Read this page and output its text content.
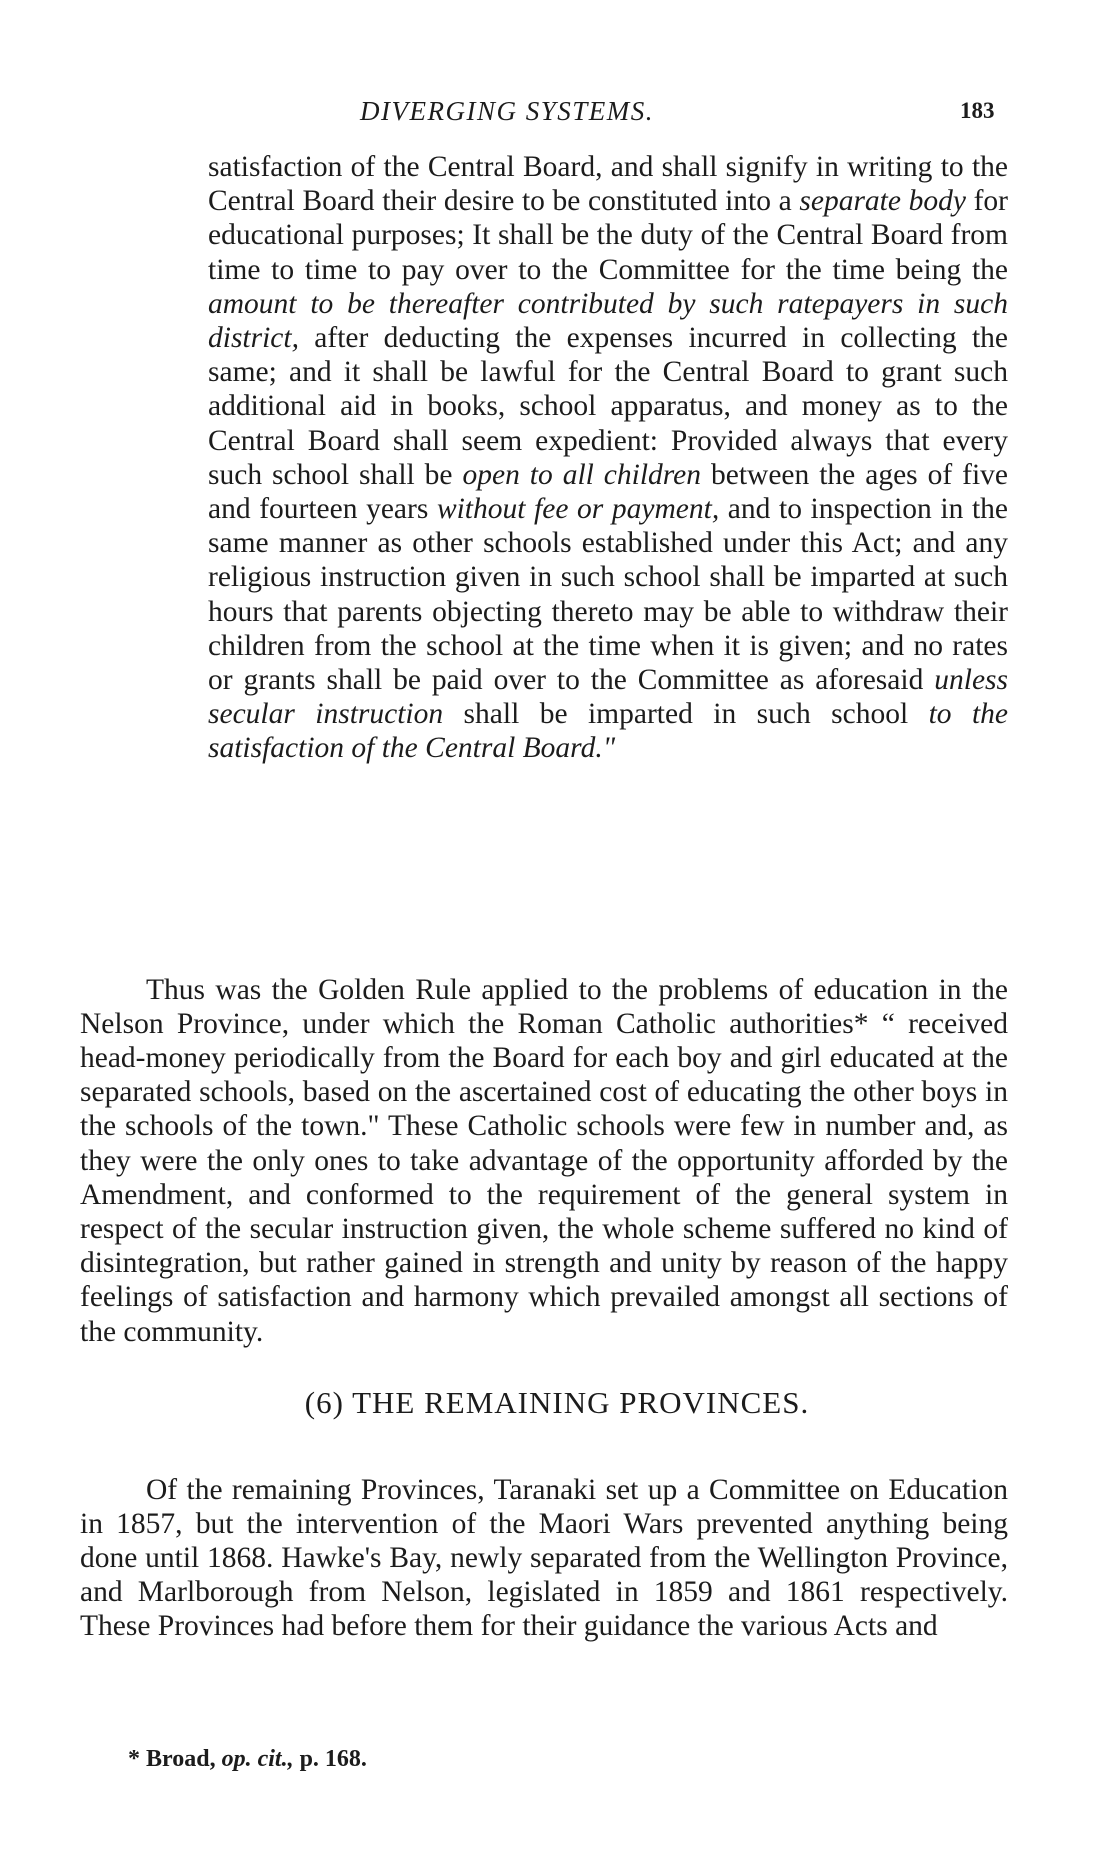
DIVERGING SYSTEMS.	183
satisfaction of the Central Board, and shall signify in writing to the Central Board their desire to be constituted into a separate body for educational purposes; It shall be the duty of the Central Board from time to time to pay over to the Committee for the time being the amount to be thereafter contributed by such ratepayers in such district, after deducting the expenses incurred in collecting the same; and it shall be lawful for the Central Board to grant such additional aid in books, school apparatus, and money as to the Central Board shall seem expedient: Provided always that every such school shall be open to all children between the ages of five and fourteen years without fee or payment, and to inspection in the same manner as other schools established under this Act; and any religious instruction given in such school shall be imparted at such hours that parents objecting thereto may be able to withdraw their children from the school at the time when it is given; and no rates or grants shall be paid over to the Committee as aforesaid unless secular instruction shall be imparted in such school to the satisfaction of the Central Board."

Thus was the Golden Rule applied to the problems of education in the Nelson Province, under which the Roman Catholic authorities* “ received head-money periodically from the Board for each boy and girl educated at the separated schools, based on the ascertained cost of educating the other boys in the schools of the town." These Catholic schools were few in number and, as they were the only ones to take advantage of the opportunity afforded by the Amendment, and conformed to the requirement of the general system in respect of the secular instruction given, the whole scheme suffered no kind of disintegration, but rather gained in strength and unity by reason of the happy feelings of satisfaction and harmony which prevailed amongst all sections of the community.

(6) THE REMAINING PROVINCES.

Of the remaining Provinces, Taranaki set up a Committee on Education in 1857, but the intervention of the Maori Wars prevented anything being done until 1868. Hawke's Bay, newly separated from the Wellington Province, and Marlborough from Nelson, legislated in 1859 and 1861 respectively. These Provinces had before them for their guidance the various Acts and

* Broad, op. cit., p. 168.
